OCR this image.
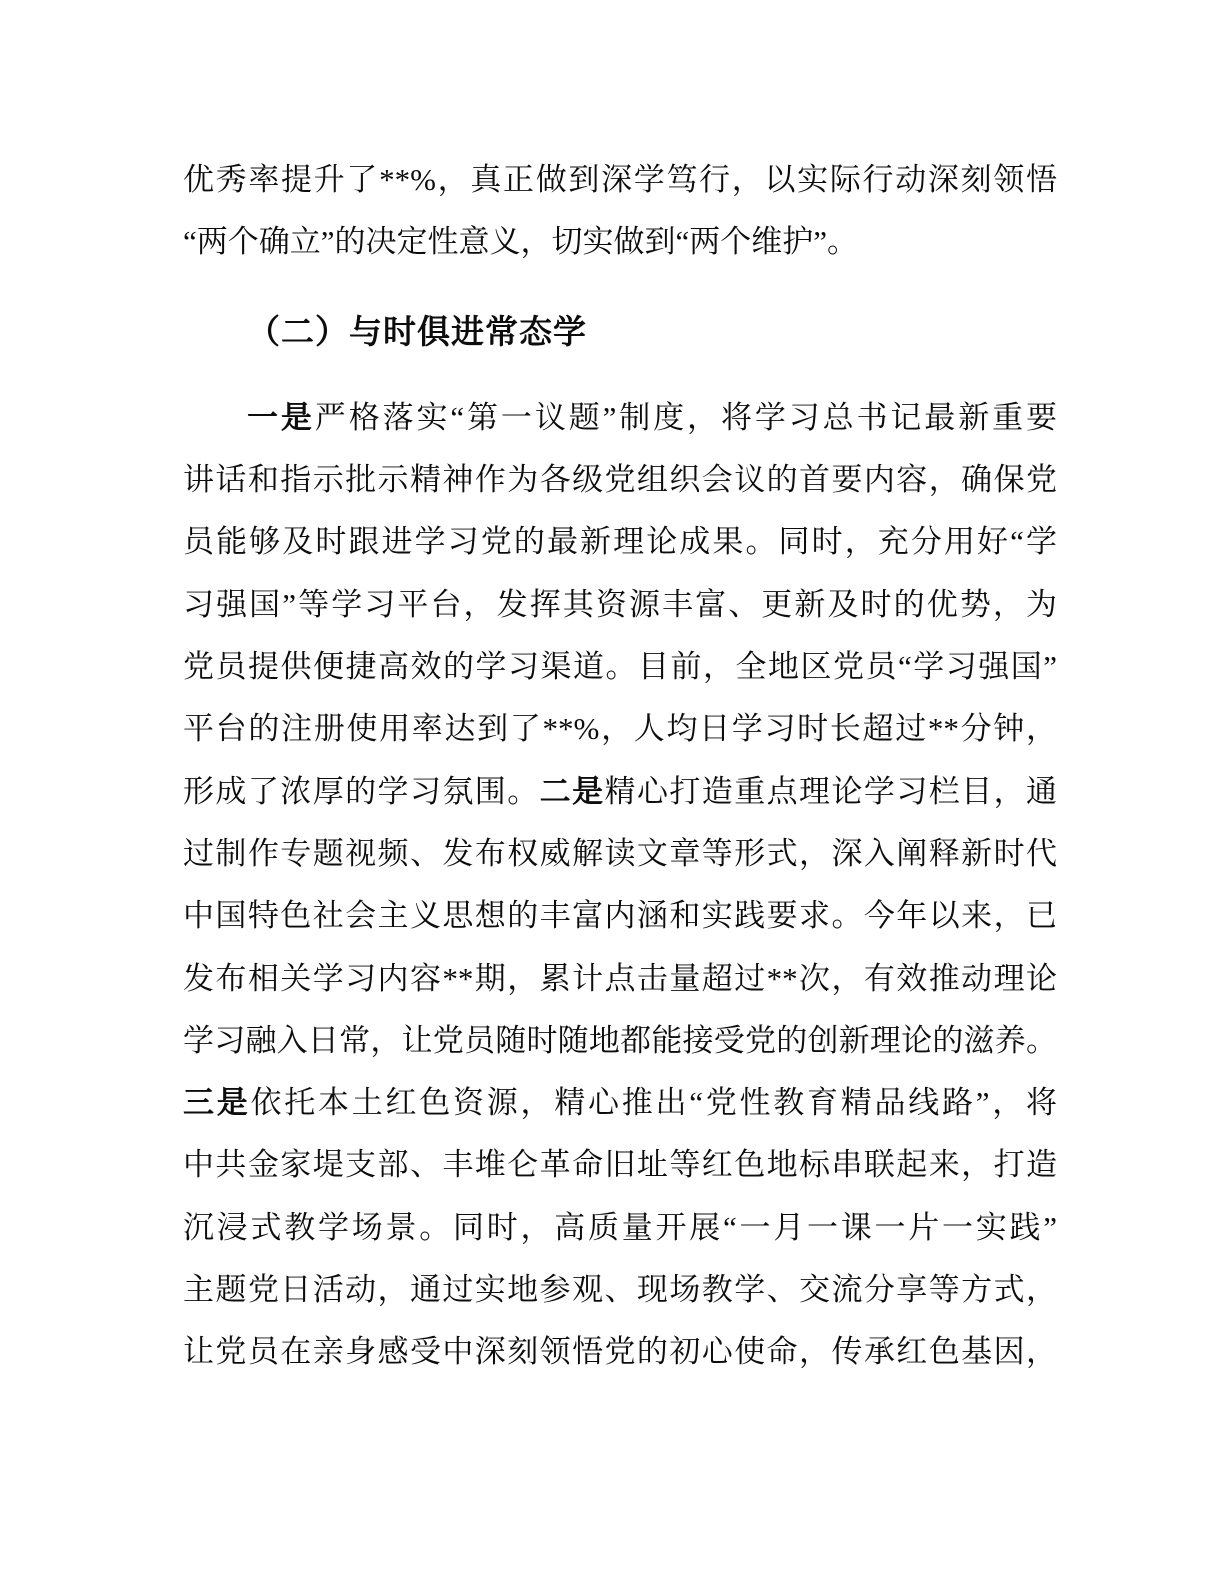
优秀率提升了**%，真正做到深学笃行，以实际行动深刻领悟
“两个确立”的决定性意义，切实做到“两个维护”。
（二）与时俱进常态学
一是严格落实“第一议题”制度，将学习总书记最新重要
讲话和指示批示精神作为各级党组织会议的首要内容，确保党
员能够及时跟进学习党的最新理论成果。同时，充分用好“学
习强国”等学习平台，发挥其资源丰富、更新及时的优势，为
党员提供便捷高效的学习渠道。目前，全地区党员“学习强国”
平台的注册使用率达到了**%，人均日学习时长超过**分钟，
形成了浓厚的学习氛围。二是精心打造重点理论学习栏目，通
过制作专题视频、发布权威解读文章等形式，深入阐释新时代
中国特色社会主义思想的丰富内涵和实践要求。今年以来，已
发布相关学习内容**期，累计点击量超过**次，有效推动理论
学习融入日常，让党员随时随地都能接受党的创新理论的滋养。
三是依托本土红色资源，精心推出“党性教育精品线路”，将
中共金家堤支部、丰堆仑革命旧址等红色地标串联起来，打造
沉浸式教学场景。同时，高质量开展“一月一课一片一实践”
主题党日活动，通过实地参观、现场教学、交流分享等方式，
让党员在亲身感受中深刻领悟党的初心使命，传承红色基因，
